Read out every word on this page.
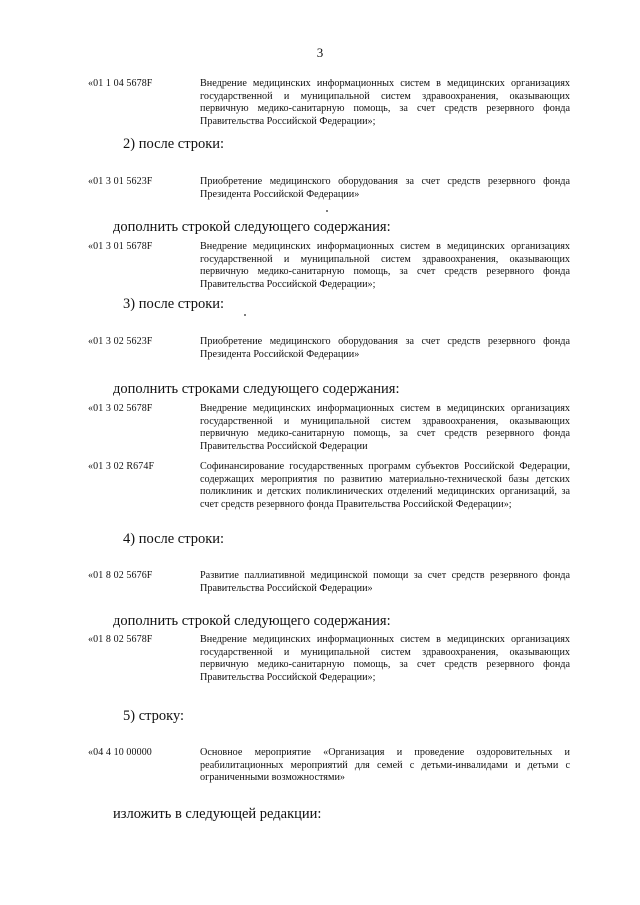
3
«01 1 04 5678F	Внедрение медицинских информационных систем в медицинских организациях государственной и муниципальной систем здравоохранения, оказывающих первичную медико-санитарную помощь, за счет средств резервного фонда Правительства Российской Федерации»;
2) после строки:
«01 3 01 5623F	Приобретение медицинского оборудования за счет средств резервного фонда Президента Российской Федерации»
дополнить строкой следующего содержания:
«01 3 01 5678F	Внедрение медицинских информационных систем в медицинских организациях государственной и муниципальной систем здравоохранения, оказывающих первичную медико-санитарную помощь, за счет средств резервного фонда Правительства Российской Федерации»;
3) после строки:
«01 3 02 5623F	Приобретение медицинского оборудования за счет средств резервного фонда Президента Российской Федерации»
дополнить строками следующего содержания:
«01 3 02 5678F	Внедрение медицинских информационных систем в медицинских организациях государственной и муниципальной систем здравоохранения, оказывающих первичную медико-санитарную помощь, за счет средств резервного фонда Правительства Российской Федерации
«01 3 02 R674F	Софинансирование государственных программ субъектов Российской Федерации, содержащих мероприятия по развитию материально-технической базы детских поликлиник и детских поликлинических отделений медицинских организаций, за счет средств резервного фонда Правительства Российской Федерации»;
4) после строки:
«01 8 02 5676F	Развитие паллиативной медицинской помощи за счет средств резервного фонда Правительства Российской Федерации»
дополнить строкой следующего содержания:
«01 8 02 5678F	Внедрение медицинских информационных систем в медицинских организациях государственной и муниципальной систем здравоохранения, оказывающих первичную медико-санитарную помощь, за счет средств резервного фонда Правительства Российской Федерации»;
5) строку:
«04 4 10 00000	Основное мероприятие «Организация и проведение оздоровительных и реабилитационных мероприятий для семей с детьми-инвалидами и детьми с ограниченными возможностями»
изложить в следующей редакции:
